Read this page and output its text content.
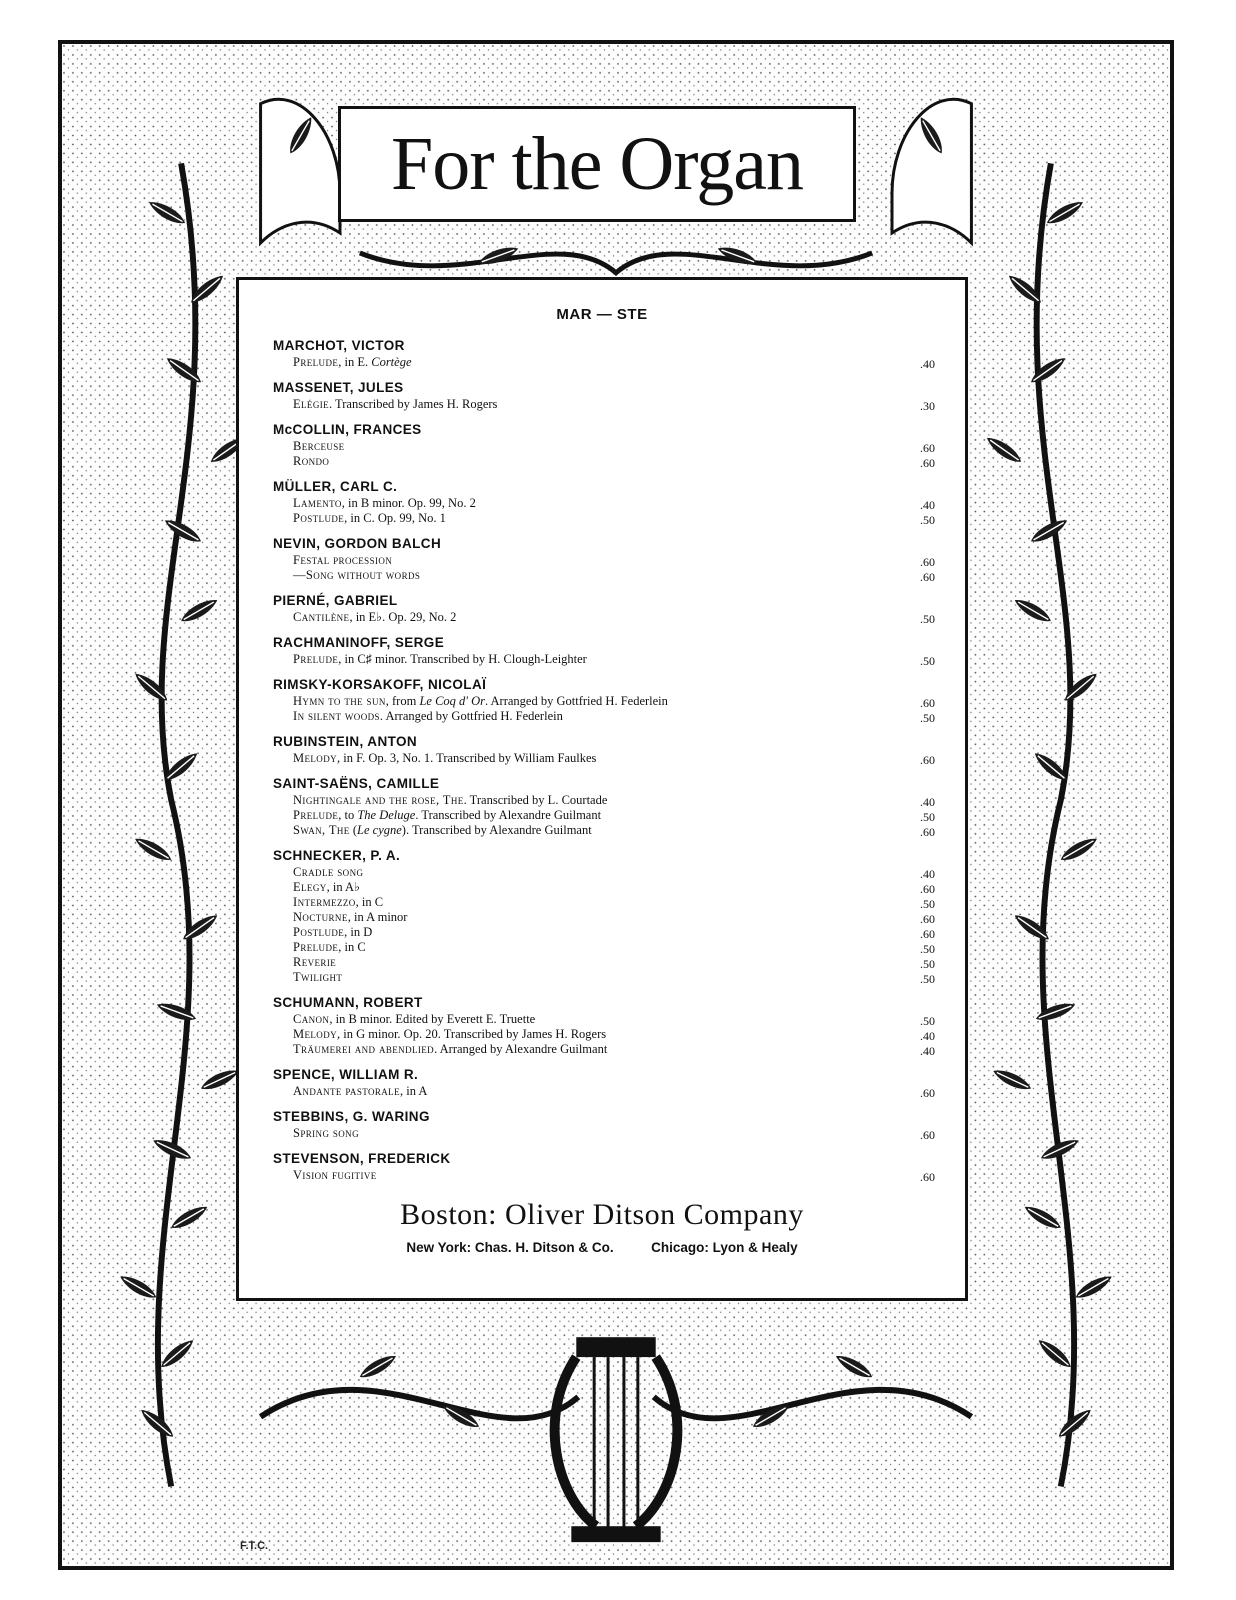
For the Organ
MAR — STE
MARCHOT, VICTOR
Prelude, in E. Cortège	.40
MASSENET, JULES
Elégie. Transcribed by James H. Rogers	.30
McCOLLIN, FRANCES
Berceuse	.60
Rondo	.60
MÜLLER, CARL C.
Lamento, in B minor. Op. 99, No. 2	.40
Postlude, in C. Op. 99, No. 1	.50
NEVIN, GORDON BALCH
Festal procession	.60
—Song without words	.60
PIERNÉ, GABRIEL
Cantilène, in E♭. Op. 29, No. 2	.50
RACHMANINOFF, SERGE
Prelude, in C♯ minor. Transcribed by H. Clough-Leighter	.50
RIMSKY-KORSAKOFF, NICOLAÏ
Hymn to the sun, from Le Coq d' Or. Arranged by Gottfried H. Federlein	.60
In silent woods. Arranged by Gottfried H. Federlein	.50
RUBINSTEIN, ANTON
Melody, in F. Op. 3, No. 1. Transcribed by William Faulkes	.60
SAINT-SAËNS, CAMILLE
Nightingale and the rose, The. Transcribed by L. Courtade	.40
Prelude, to The Deluge. Transcribed by Alexandre Guilmant	.50
Swan, The (Le cygne). Transcribed by Alexandre Guilmant	.60
SCHNECKER, P. A.
Cradle song	.40
Elegy, in A♭	.60
Intermezzo, in C	.50
Nocturne, in A minor	.60
Postlude, in D	.60
Prelude, in C	.50
Reverie	.50
Twilight	.50
SCHUMANN, ROBERT
Canon, in B minor. Edited by Everett E. Truette	.50
Melody, in G minor. Op. 20. Transcribed by James H. Rogers	.40
Träumerei and abendlied. Arranged by Alexandre Guilmant	.40
SPENCE, WILLIAM R.
Andante pastorale, in A	.60
STEBBINS, G. WARING
Spring song	.60
STEVENSON, FREDERICK
Vision fugitive	.60
Boston: Oliver Ditson Company
New York: Chas. H. Ditson & Co.	Chicago: Lyon & Healy
F.T.C.
